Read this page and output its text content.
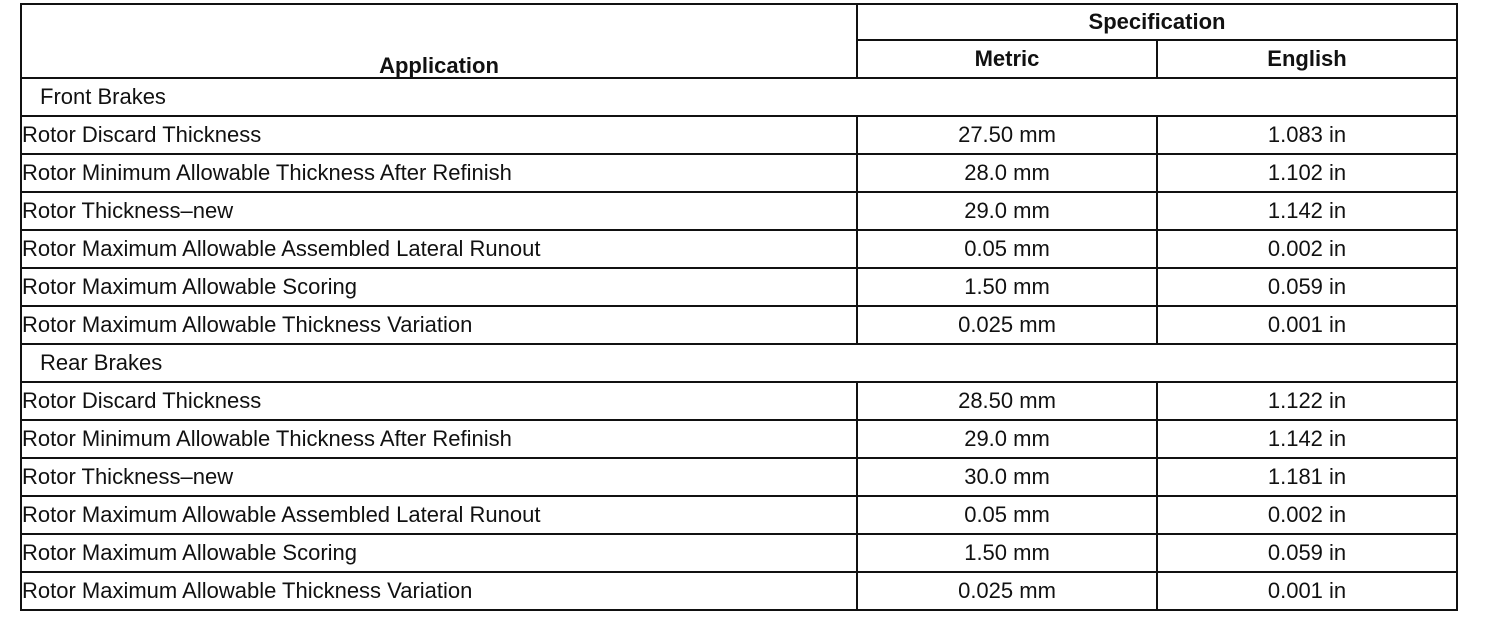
Application	Specification	
	Metric	English
Front Brakes		
Rotor Discard Thickness	27.50 mm	1.083 in
Rotor Minimum Allowable Thickness After Refinish	28.0 mm	1.102 in
Rotor Thickness–new	29.0 mm	1.142 in
Rotor Maximum Allowable Assembled Lateral Runout	0.05 mm	0.002 in
Rotor Maximum Allowable Scoring	1.50 mm	0.059 in
Rotor Maximum Allowable Thickness Variation	0.025 mm	0.001 in
Rear Brakes		
Rotor Discard Thickness	28.50 mm	1.122 in
Rotor Minimum Allowable Thickness After Refinish	29.0 mm	1.142 in
Rotor Thickness–new	30.0 mm	1.181 in
Rotor Maximum Allowable Assembled Lateral Runout	0.05 mm	0.002 in
Rotor Maximum Allowable Scoring	1.50 mm	0.059 in
Rotor Maximum Allowable Thickness Variation	0.025 mm	0.001 in
